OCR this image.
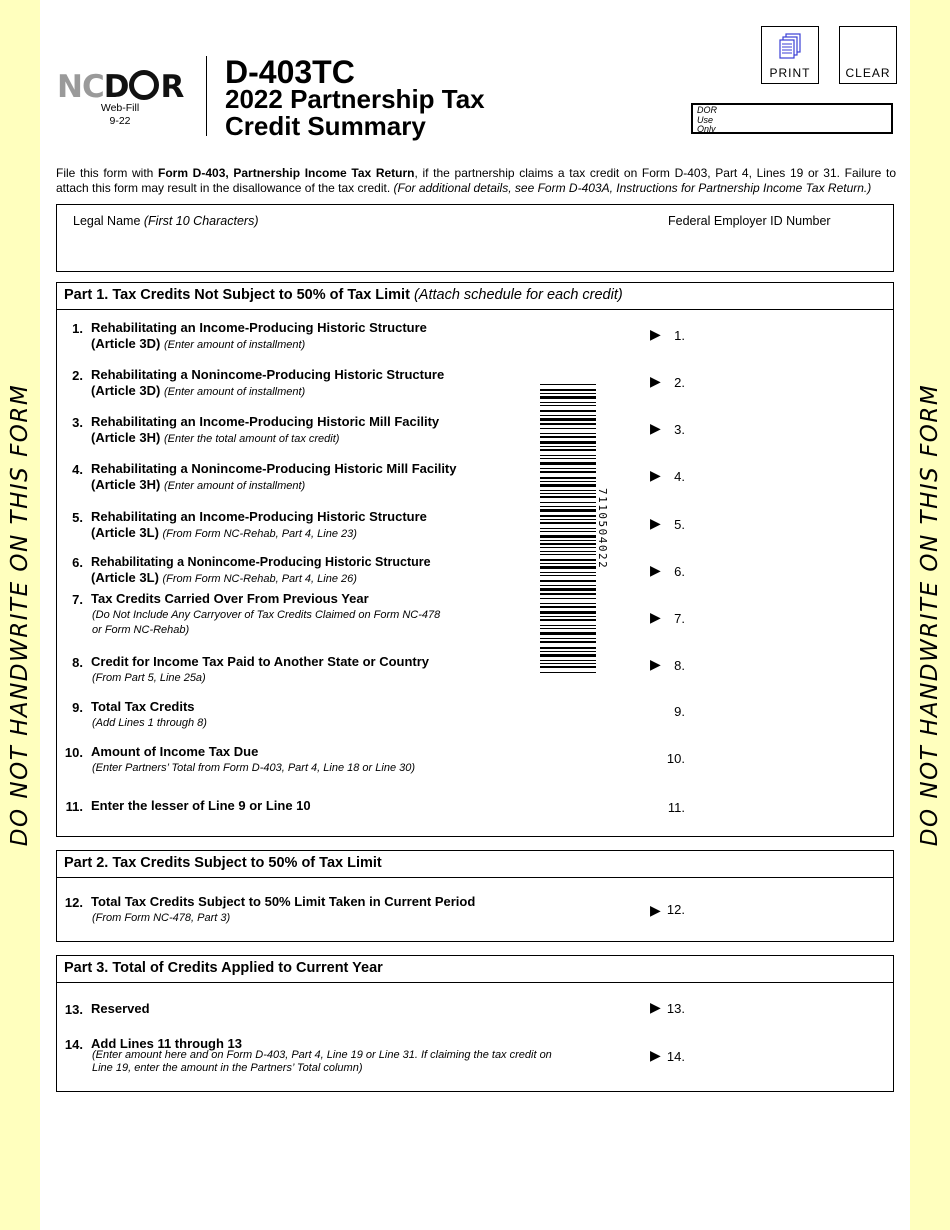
DO NOT HANDWRITE ON THIS FORM	DO NOT HANDWRITE ON THIS FORM
NCD R
Web-Fill
9-22
D-403TC
2022 Partnership Tax
Credit Summary
PRINT	CLEAR
DOR
Use
Only
File this form with Form D-403, Partnership Income Tax Return, if the partnership claims a tax credit on Form D-403, Part 4, Lines 19 or 31. Failure to attach this form may result in the disallowance of the tax credit. (For additional details, see Form D-403A, Instructions for Partnership Income Tax Return.)
Legal Name (First 10 Characters)	Federal Employer ID Number
Part 1. Tax Credits Not Subject to 50% of Tax Limit (Attach schedule for each credit)
1. Rehabilitating an Income-Producing Historic Structure
(Article 3D) (Enter amount of installment)
▶	1.
2. Rehabilitating a Nonincome-Producing Historic Structure
(Article 3D) (Enter amount of installment)
▶	2.
3. Rehabilitating an Income-Producing Historic Mill Facility
(Article 3H) (Enter the total amount of tax credit)
▶	3.
4. Rehabilitating a Nonincome-Producing Historic Mill Facility
(Article 3H) (Enter amount of installment)
▶	4.
5. Rehabilitating an Income-Producing Historic Structure
(Article 3L) (From Form NC-Rehab, Part 4, Line 23)
▶	5.
6. Rehabilitating a Nonincome-Producing Historic Structure
(Article 3L) (From Form NC-Rehab, Part 4, Line 26)
▶	6.
7. Tax Credits Carried Over From Previous Year
(Do Not Include Any Carryover of Tax Credits Claimed on Form NC-478
or Form NC-Rehab)
▶	7.
8. Credit for Income Tax Paid to Another State or Country
(From Part 5, Line 25a)
▶	8.
9. Total Tax Credits
(Add Lines 1 through 8)
9.
10. Amount of Income Tax Due
(Enter Partners’ Total from Form D-403, Part 4, Line 18 or Line 30)
10.
11. Enter the lesser of Line 9 or Line 10	11.
7110504022
Part 2. Tax Credits Subject to 50% of Tax Limit
12. Total Tax Credits Subject to 50% Limit Taken in Current Period
(From Form NC-478, Part 3)	▶ 12.
Part 3. Total of Credits Applied to Current Year
13. Reserved	▶ 13.
14. Add Lines 11 through 13
(Enter amount here and on Form D-403, Part 4, Line 19 or Line 31. If claiming the tax credit on
Line 19, enter the amount in the Partners’ Total column)
▶ 14.
